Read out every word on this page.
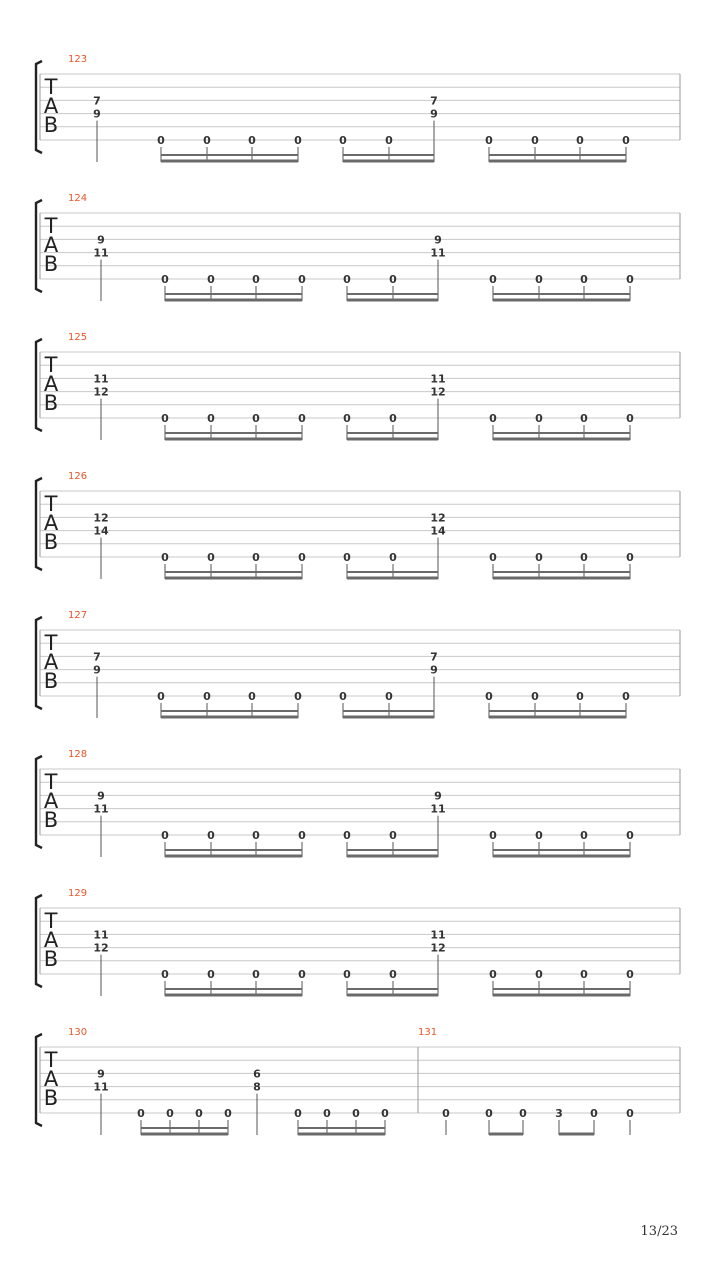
13/23
T
A
B
123
7
9
0	0	0	0	0	0
7
9
0	0	0	0
T
A
B
124
9
11
0	0	0	0	0	0
9
11
0	0	0	0
T
A
B
125
11
12
0	0	0	0	0	0
11
12
0	0	0	0
T
A
B
126
12
14
0	0	0	0	0	0
12
14
0	0	0	0
T
A
B
127
7
9
0	0	0	0	0	0
7
9
0	0	0	0
T
A
B
128
9
11
0	0	0	0	0	0
9
11
0	0	0	0
T
A
B
129
11
12
0	0	0	0	0	0
11
12
0	0	0	0
T
A
B
130
9
11
0 0 0 0
6
8
0 0 0 0
131
0	0 0	3 0	0
